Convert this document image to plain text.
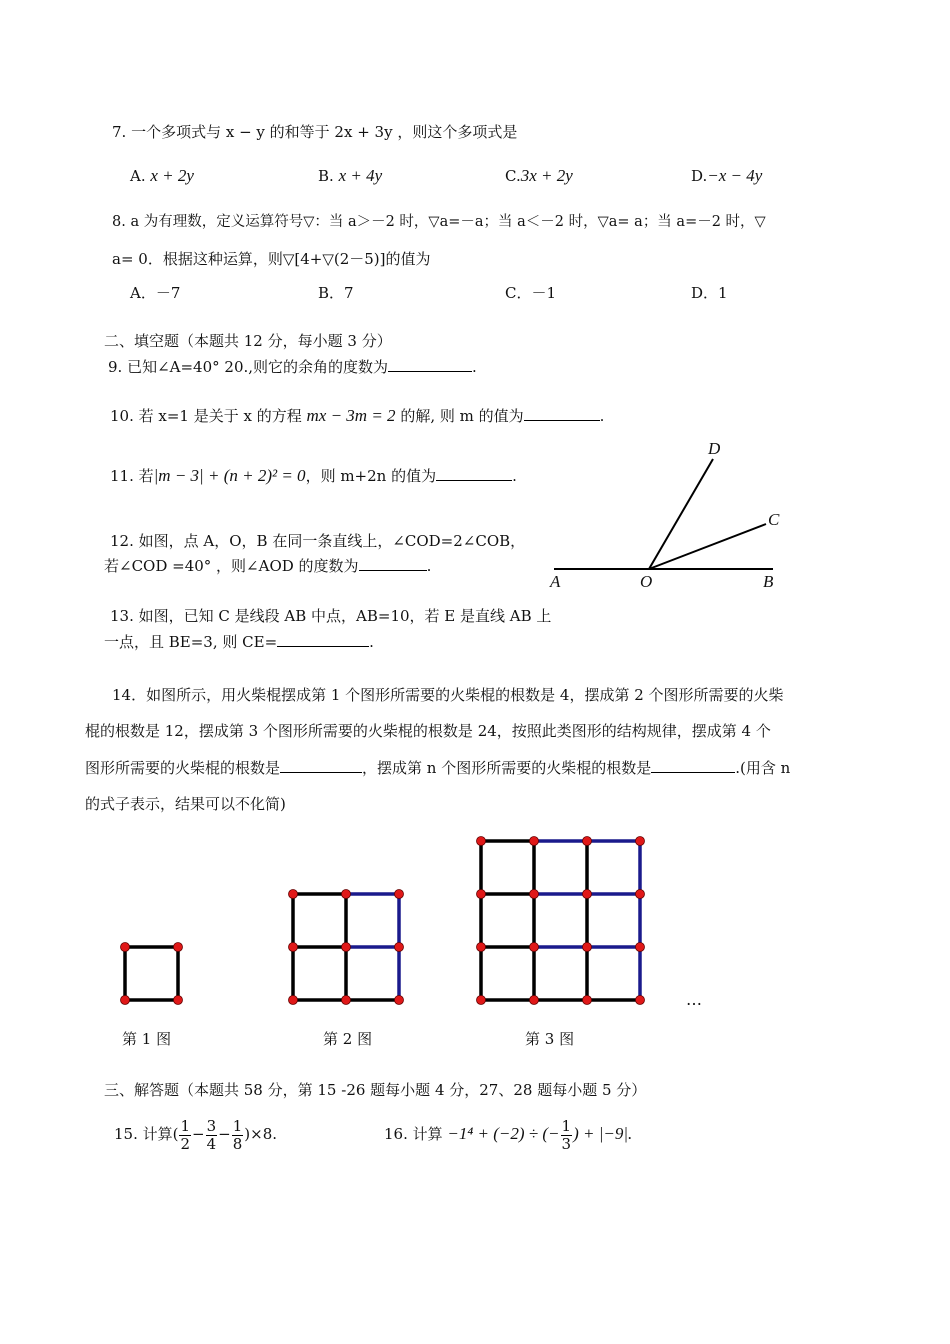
7. 一个多项式与 x − y 的和等于 2x + 3y ，则这个多项式是
A. x + 2y	B. x + 4y	C.3x + 2y	D.−x − 4y
8. a 为有理数，定义运算符号▽：当 a＞－2 时，▽a=－a；当 a＜－2 时，▽a= a；当 a=－2 时，▽
a= 0．根据这种运算，则▽[4+▽(2－5)]的值为
A．－7	B．7	C．－1	D．1
二、填空题（本题共 12 分，每小题 3 分）
9. 已知∠A=40° 20.,则它的余角的度数为	.
10. 若 x=1 是关于 x 的方程 mx − 3m = 2 的解, 则 m 的值为	.
11. 若|m − 3| + (n + 2)² = 0，则 m+2n 的值为	.
12. 如图，点 A，O，B 在同一条直线上，∠COD=2∠COB，
若∠COD =40° ，则∠AOD 的度数为	.
A	O	B
C
D
13. 如图，已知 C 是线段 AB 中点，AB=10，若 E 是直线 AB 上
一点，且 BE=3, 则 CE=	.
14．如图所示，用火柴棍摆成第 1 个图形所需要的火柴棍的根数是 4，摆成第 2 个图形所需要的火柴
棍的根数是 12，摆成第 3 个图形所需要的火柴棍的根数是 24，按照此类图形的结构规律，摆成第 4 个
图形所需要的火柴棍的根数是	，摆成第 n 个图形所需要的火柴棍的根数是	.(用含 n
的式子表示，结果可以不化简)
…
第 1 图	第 2 图	第 3 图
三、解答题（本题共 58 分，第 15 -26 题每小题 4 分，27、28 题每小题 5 分）
15. 计算( $\frac{1}{2} - \frac{3}{4} - \frac{1}{8} )\times 8$.	16. 计算 −1⁴ + (−2) ÷ (− $\frac{1}{3}$ ) + |−9|.
